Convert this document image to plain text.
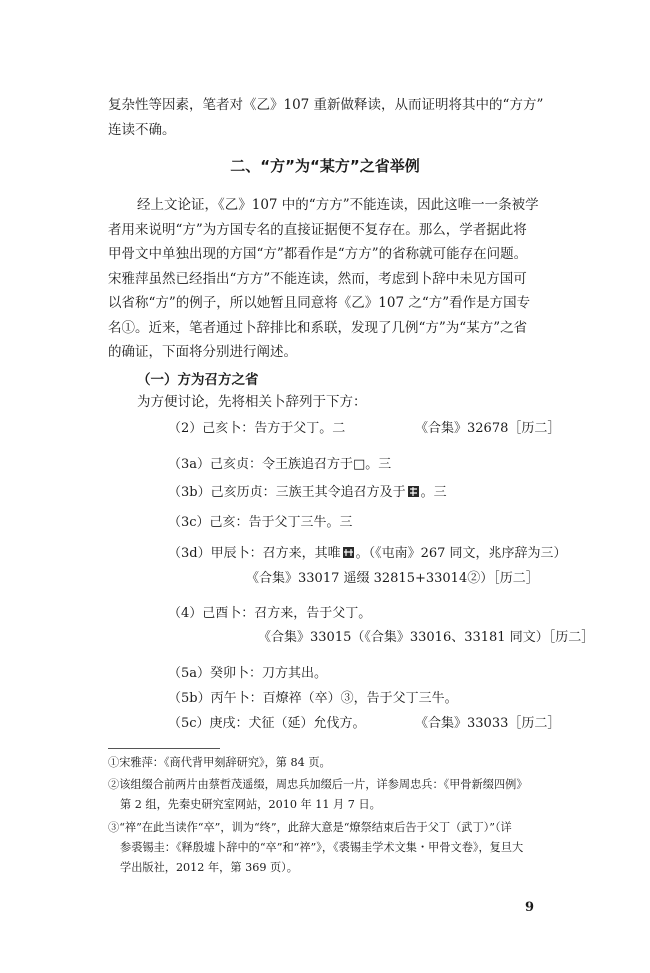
复杂性等因素，笔者对《乙》107 重新做释读，从而证明将其中的“方方”
连读不确。
二、“方”为“某方”之省举例
经上文论证，《乙》107 中的“方方”不能连读，因此这唯一一条被学
者用来说明“方”为方国专名的直接证据便不复存在。那么，学者据此将
甲骨文中单独出现的方国“方”都看作是“方方”的省称就可能存在问题。
宋雅萍虽然已经指出“方方”不能连读，然而，考虑到卜辞中未见方国可
以省称“方”的例子，所以她暂且同意将《乙》107 之“方”看作是方国专
名①。近来，笔者通过卜辞排比和系联，发现了几例“方”为“某方”之省
的确证，下面将分别进行阐述。
（一）方为召方之省
为方便讨论，先将相关卜辞列于下方：
（2）己亥卜：告方于父丁。二	《合集》32678［历二］
（3a）己亥贞：令王族追召方于□。三
（3b）己亥历贞：三族王其令追召方及于 。三
（3c）己亥：告于父丁三牛。三
（3d）甲辰卜：召方来，其唯 。（《屯南》267 同文，兆序辞为三）
《合集》33017 遥缀 32815+33014②）［历二］
（4）己酉卜：召方来，告于父丁。
《合集》33015（《合集》33016、33181 同文）［历二］
（5a）癸卯卜：刀方其出。
（5b）丙午卜：百燎祽（卒）③，告于父丁三牛。
（5c）庚戌：犬征（延）允伐方。	《合集》33033［历二］
①宋雅萍：《商代背甲刻辞研究》，第 84 页。
②该组缀合前两片由蔡哲茂遥缀，周忠兵加缀后一片，详参周忠兵：《甲骨新缀四例》
第 2 组，先秦史研究室网站，2010 年 11 月 7 日。
③“祽”在此当读作“卒”，训为“终”，此辞大意是“燎祭结束后告于父丁（武丁）”（详
参裘锡圭：《释殷墟卜辞中的“卒”和“祽”》，《裘锡圭学术文集・甲骨文卷》，复旦大
学出版社，2012 年，第 369 页）。
9
